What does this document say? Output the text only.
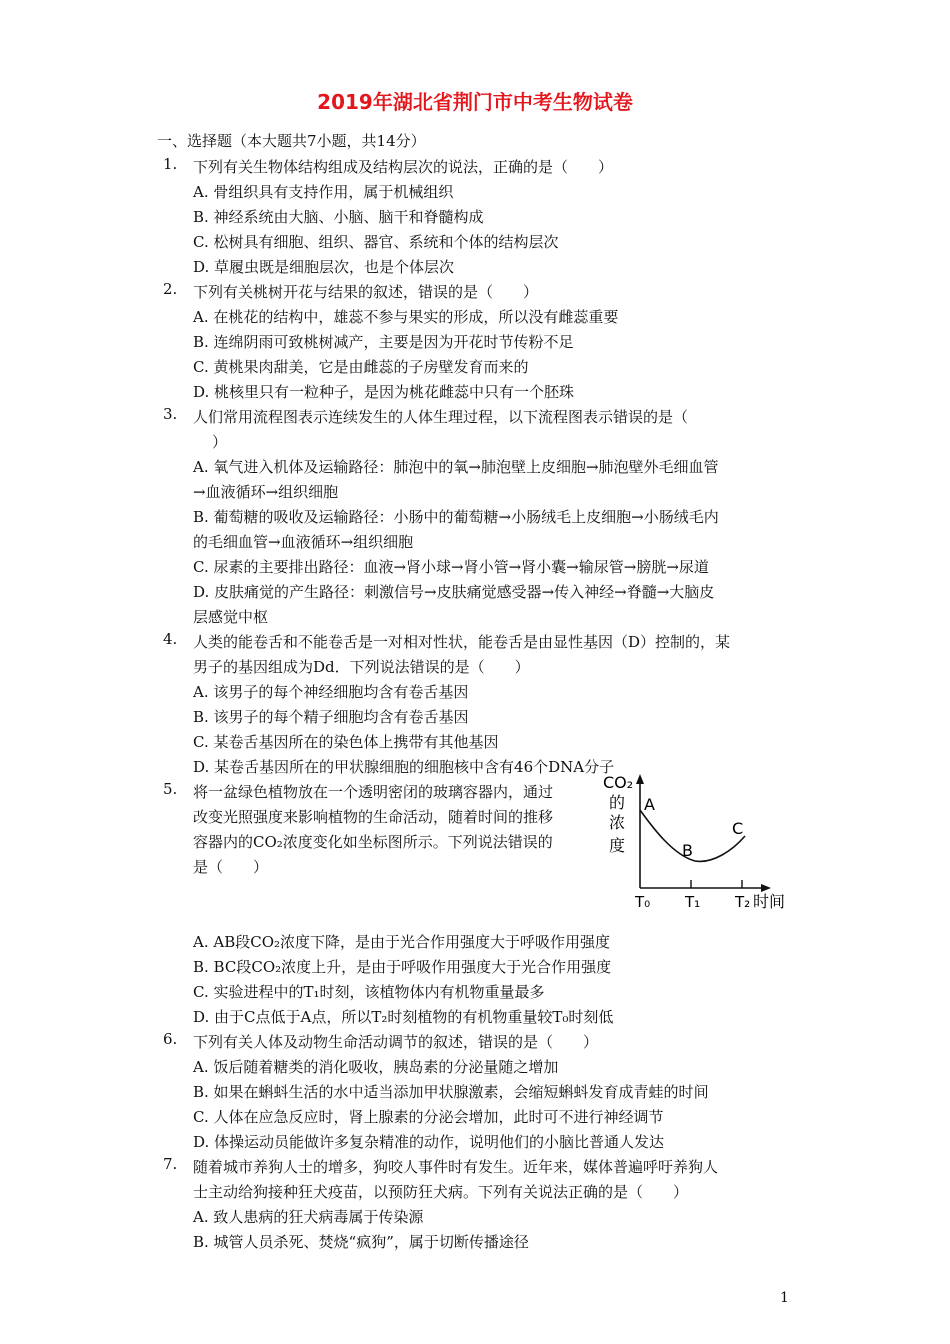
2019年湖北省荆门市中考生物试卷
一、选择题（本大题共7小题，共14分）
1. 下列有关生物体结构组成及结构层次的说法，正确的是（　　）
A. 骨组织具有支持作用，属于机械组织
B. 神经系统由大脑、小脑、脑干和脊髓构成
C. 松树具有细胞、组织、器官、系统和个体的结构层次
D. 草履虫既是细胞层次，也是个体层次
2. 下列有关桃树开花与结果的叙述，错误的是（　　）
A. 在桃花的结构中，雄蕊不参与果实的形成，所以没有雌蕊重要
B. 连绵阴雨可致桃树减产，主要是因为开花时节传粉不足
C. 黄桃果肉甜美，它是由雌蕊的子房壁发育而来的
D. 桃核里只有一粒种子，是因为桃花雌蕊中只有一个胚珠
3. 人们常用流程图表示连续发生的人体生理过程，以下流程图表示错误的是（
）
A. 氧气进入机体及运输路径：肺泡中的氧→肺泡壁上皮细胞→肺泡壁外毛细血管
→血液循环→组织细胞
B. 葡萄糖的吸收及运输路径：小肠中的葡萄糖→小肠绒毛上皮细胞→小肠绒毛内
的毛细血管→血液循环→组织细胞
C. 尿素的主要排出路径：血液→肾小球→肾小管→肾小囊→输尿管→膀胱→尿道
D. 皮肤痛觉的产生路径：刺激信号→皮肤痛觉感受器→传入神经→脊髓→大脑皮
层感觉中枢
4. 人类的能卷舌和不能卷舌是一对相对性状，能卷舌是由显性基因（D）控制的，某
男子的基因组成为Dd．下列说法错误的是（　　）
A. 该男子的每个神经细胞均含有卷舌基因
B. 该男子的每个精子细胞均含有卷舌基因
C. 某卷舌基因所在的染色体上携带有其他基因
D. 某卷舌基因所在的甲状腺细胞的细胞核中含有46个DNA分子
5. 将一盆绿色植物放在一个透明密闭的玻璃容器内，通过
改变光照强度来影响植物的生命活动，随着时间的推移
容器内的CO₂浓度变化如坐标图所示。下列说法错误的
是（　　）
A. AB段CO₂浓度下降，是由于光合作用强度大于呼吸作用强度
B. BC段CO₂浓度上升，是由于呼吸作用强度大于光合作用强度
C. 实验进程中的T₁时刻，该植物体内有机物重量最多
D. 由于C点低于A点，所以T₂时刻植物的有机物重量较T₀时刻低
6. 下列有关人体及动物生命活动调节的叙述，错误的是（　　）
A. 饭后随着糖类的消化吸收，胰岛素的分泌量随之增加
B. 如果在蝌蚪生活的水中适当添加甲状腺激素，会缩短蝌蚪发育成青蛙的时间
C. 人体在应急反应时，肾上腺素的分泌会增加，此时可不进行神经调节
D. 体操运动员能做许多复杂精准的动作，说明他们的小脑比普通人发达
7. 随着城市养狗人士的增多，狗咬人事件时有发生。近年来，媒体普遍呼吁养狗人
士主动给狗接种狂犬疫苗，以预防狂犬病。下列有关说法正确的是（　　）
A. 致人患病的狂犬病毒属于传染源
B. 城管人员杀死、焚烧“疯狗”，属于切断传播途径
CO₂
的
浓
度
A
B
C
T₀ T₁ T₂ 时间
1
